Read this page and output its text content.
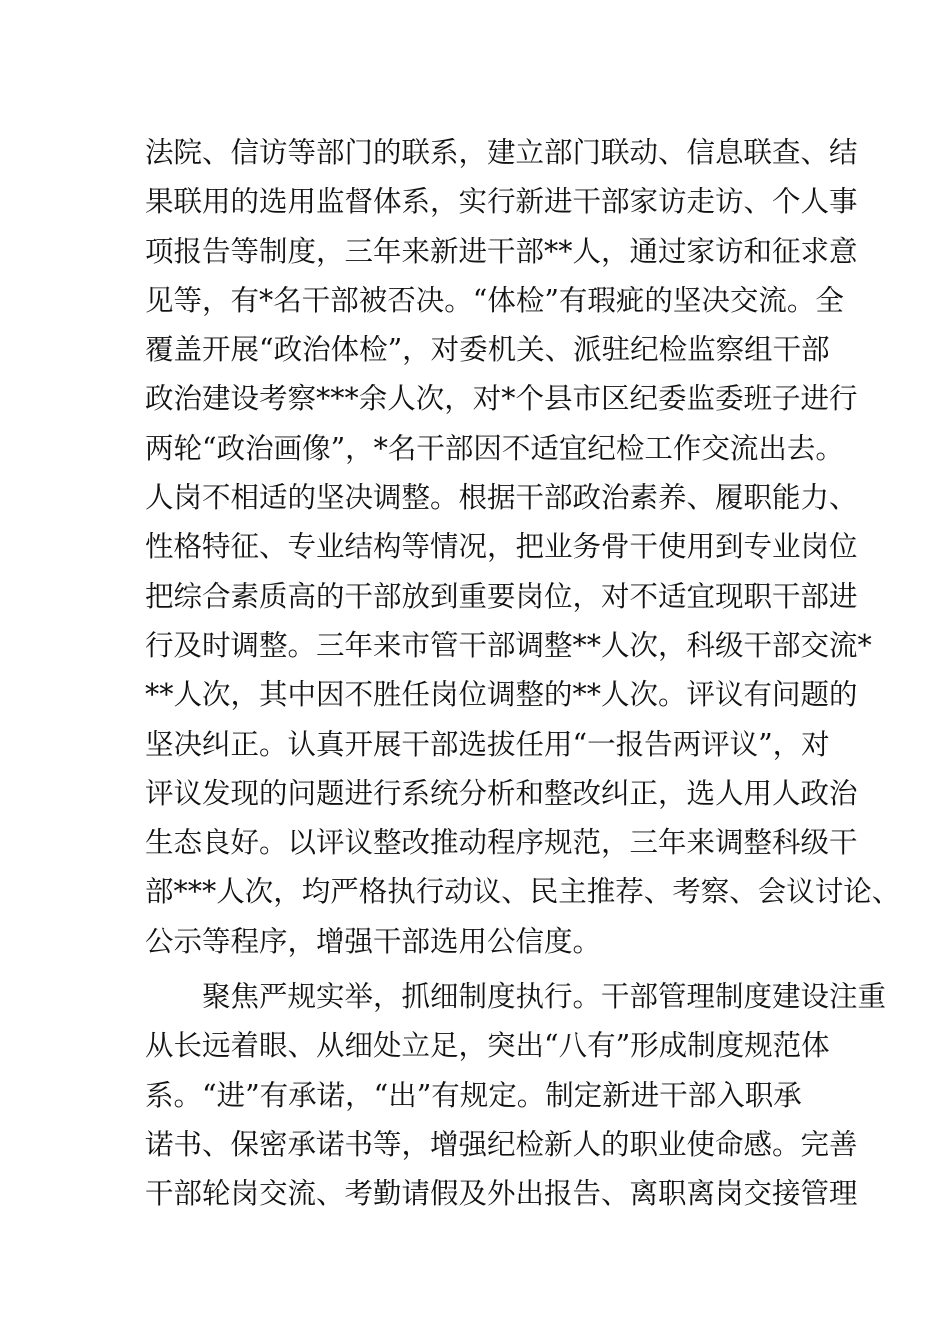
法院、信访等部门的联系，建立部门联动、信息联查、结
果联用的选用监督体系，实行新进干部家访走访、个人事
项报告等制度，三年来新进干部**人，通过家访和征求意
见等，有*名干部被否决。“体检”有瑕疵的坚决交流。全
覆盖开展“政治体检”，对委机关、派驻纪检监察组干部
政治建设考察***余人次，对*个县市区纪委监委班子进行
两轮“政治画像”，*名干部因不适宜纪检工作交流出去。
人岗不相适的坚决调整。根据干部政治素养、履职能力、
性格特征、专业结构等情况，把业务骨干使用到专业岗位
把综合素质高的干部放到重要岗位，对不适宜现职干部进
行及时调整。三年来市管干部调整**人次，科级干部交流*
**人次，其中因不胜任岗位调整的**人次。评议有问题的
坚决纠正。认真开展干部选拔任用“一报告两评议”，对
评议发现的问题进行系统分析和整改纠正，选人用人政治
生态良好。以评议整改推动程序规范，三年来调整科级干
部***人次，均严格执行动议、民主推荐、考察、会议讨论、
公示等程序，增强干部选用公信度。
　　聚焦严规实举，抓细制度执行。干部管理制度建设注重
从长远着眼、从细处立足，突出“八有”形成制度规范体
系。“进”有承诺，“出”有规定。制定新进干部入职承
诺书、保密承诺书等，增强纪检新人的职业使命感。完善
干部轮岗交流、考勤请假及外出报告、离职离岗交接管理
